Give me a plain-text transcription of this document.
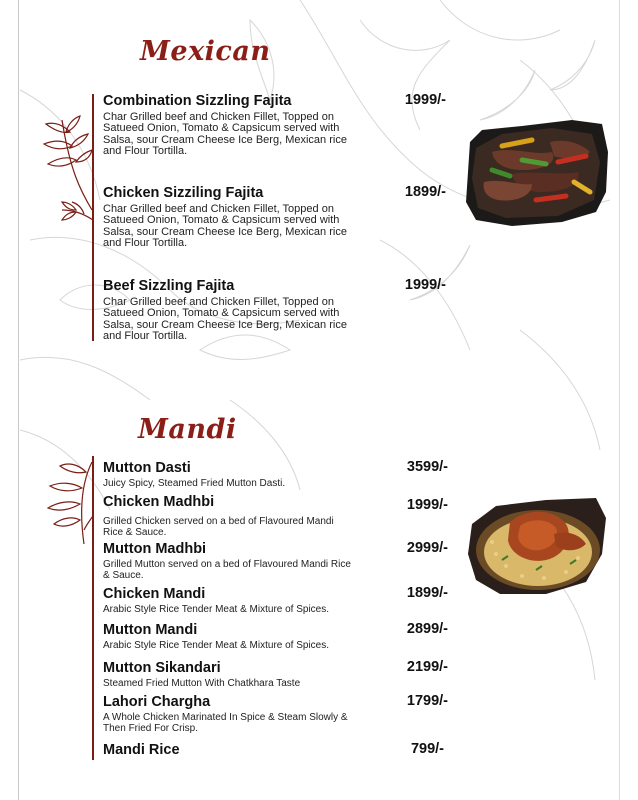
Mexican
Combination Sizzling Fajita	1999/-

Char Grilled beef and Chicken Fillet, Topped on Satueed Onion, Tomato & Capsicum served with Salsa, sour Cream Cheese Ice Berg, Mexican rice and Flour Tortilla.

Chicken Sizziling Fajita	1899/-

Char Grilled beef and Chicken Fillet, Topped on Satueed Onion, Tomato & Capsicum served with Salsa, sour Cream Cheese Ice Berg, Mexican rice and Flour Tortilla.

Beef Sizzling Fajita	1999/-

Char Grilled beef and Chicken Fillet, Topped on Satueed Onion, Tomato & Capsicum served with Salsa, sour Cream Cheese Ice Berg, Mexican rice and Flour Tortilla.

Mandi
Mutton Dasti	3599/-

Juicy Spicy, Steamed Fried Mutton Dasti.

Chicken Madhbi	1999/-

Grilled Chicken served on a bed of Flavoured Mandi Rice & Sauce.

Mutton Madhbi	2999/-

Grilled Mutton served on a bed of Flavoured Mandi Rice & Sauce.

Chicken Mandi	1899/-

Arabic Style Rice Tender Meat & Mixture of Spices.

Mutton Mandi	2899/-

Arabic Style Rice Tender Meat & Mixture of Spices.

Mutton Sikandari	2199/-

Steamed Fried Mutton With Chatkhara Taste

Lahori Chargha	1799/-

A Whole Chicken Marinated In Spice & Steam Slowly & Then Fried For Crisp.

Mandi Rice	799/-
